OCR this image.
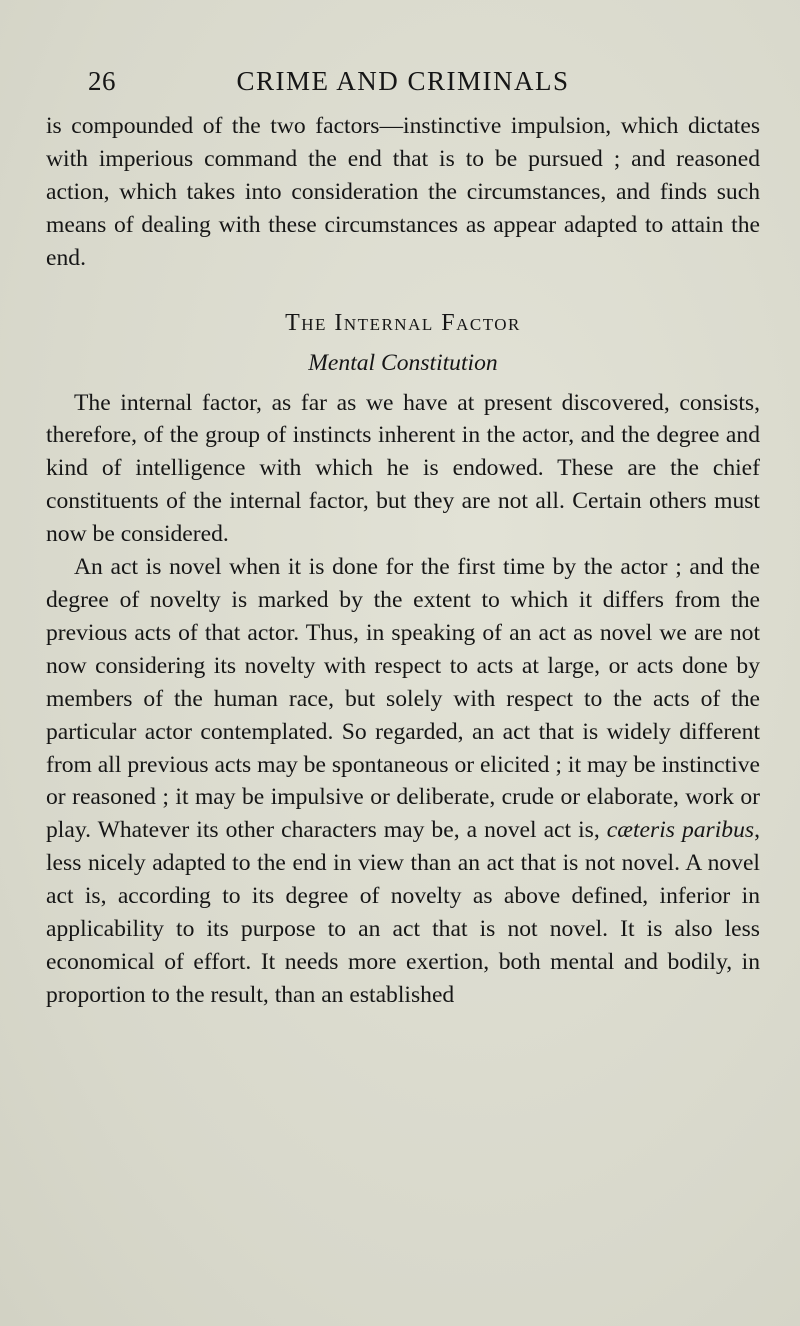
26	CRIME AND CRIMINALS

is compounded of the two factors—instinctive impulsion, which dictates with imperious command the end that is to be pursued ; and reasoned action, which takes into consideration the circumstances, and finds such means of dealing with these circumstances as appear adapted to attain the end.

The Internal Factor
Mental Constitution

The internal factor, as far as we have at present discovered, consists, therefore, of the group of instincts inherent in the actor, and the degree and kind of intelligence with which he is endowed. These are the chief constituents of the internal factor, but they are not all. Certain others must now be considered.

An act is novel when it is done for the first time by the actor ; and the degree of novelty is marked by the extent to which it differs from the previous acts of that actor. Thus, in speaking of an act as novel we are not now considering its novelty with respect to acts at large, or acts done by members of the human race, but solely with respect to the acts of the particular actor contemplated. So regarded, an act that is widely different from all previous acts may be spontaneous or elicited ; it may be instinctive or reasoned ; it may be impulsive or deliberate, crude or elaborate, work or play. Whatever its other characters may be, a novel act is, cæteris paribus, less nicely adapted to the end in view than an act that is not novel. A novel act is, according to its degree of novelty as above defined, inferior in applicability to its purpose to an act that is not novel. It is also less economical of effort. It needs more exertion, both mental and bodily, in proportion to the result, than an established
